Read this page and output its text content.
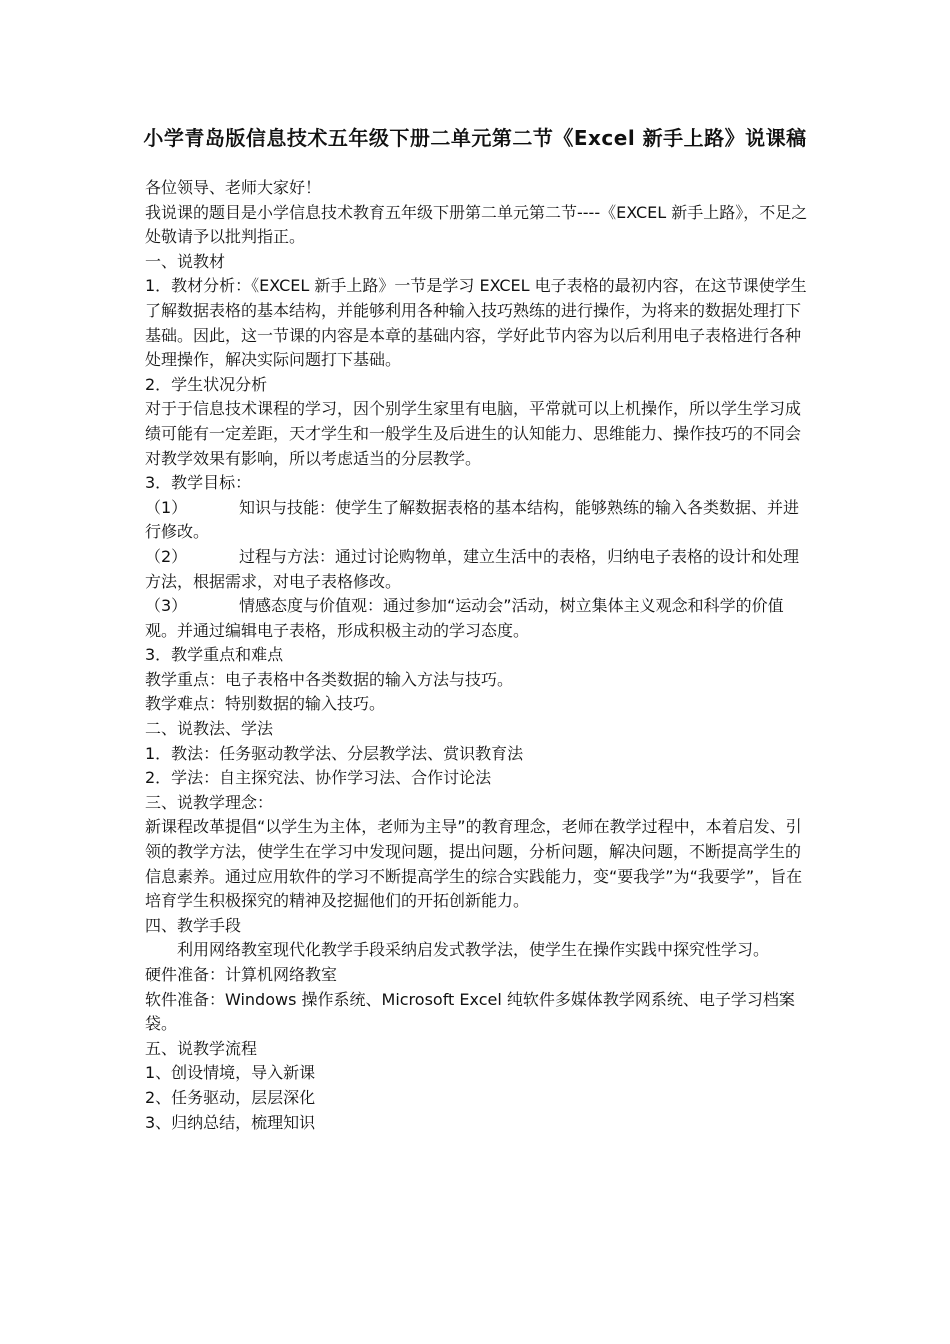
小学青岛版信息技术五年级下册二单元第二节《Excel 新手上路》说课稿

各位领导、老师大家好！

我说课的题目是小学信息技术教育五年级下册第二单元第二节----《EXCEL 新手上路》，不足之处敬请予以批判指正。

一、说教材

1．教材分析：《EXCEL 新手上路》一节是学习 EXCEL 电子表格的最初内容，在这节课使学生了解数据表格的基本结构，并能够利用各种输入技巧熟练的进行操作，为将来的数据处理打下基础。因此，这一节课的内容是本章的基础内容，学好此节内容为以后利用电子表格进行各种处理操作，解决实际问题打下基础。

2．学生状况分析

对于于信息技术课程的学习，因个别学生家里有电脑，平常就可以上机操作，所以学生学习成绩可能有一定差距，天才学生和一般学生及后进生的认知能力、思维能力、操作技巧的不同会对教学效果有影响，所以考虑适当的分层教学。

3．教学目标：

（1）	知识与技能：使学生了解数据表格的基本结构，能够熟练的输入各类数据、并进行修改。

（2）	过程与方法：通过讨论购物单，建立生活中的表格，归纳电子表格的设计和处理方法，根据需求，对电子表格修改。

（3）	情感态度与价值观：通过参加“运动会”活动，树立集体主义观念和科学的价值观。并通过编辑电子表格，形成积极主动的学习态度。

3．教学重点和难点

教学重点：电子表格中各类数据的输入方法与技巧。

教学难点：特别数据的输入技巧。

二、说教法、学法

1．教法：任务驱动教学法、分层教学法、赏识教育法

2．学法：自主探究法、协作学习法、合作讨论法

三、说教学理念：

新课程改革提倡“以学生为主体，老师为主导”的教育理念，老师在教学过程中，本着启发、引领的教学方法，使学生在学习中发现问题，提出问题，分析问题，解决问题，不断提高学生的信息素养。通过应用软件的学习不断提高学生的综合实践能力，变“要我学”为“我要学”，旨在培育学生积极探究的精神及挖掘他们的开拓创新能力。

四、教学手段

利用网络教室现代化教学手段采纳启发式教学法，使学生在操作实践中探究性学习。

硬件准备：计算机网络教室

软件准备：Windows 操作系统、Microsoft Excel 纯软件多媒体教学网系统、电子学习档案袋。

五、说教学流程

1、创设情境，导入新课

2、任务驱动，层层深化

3、归纳总结，梳理知识
